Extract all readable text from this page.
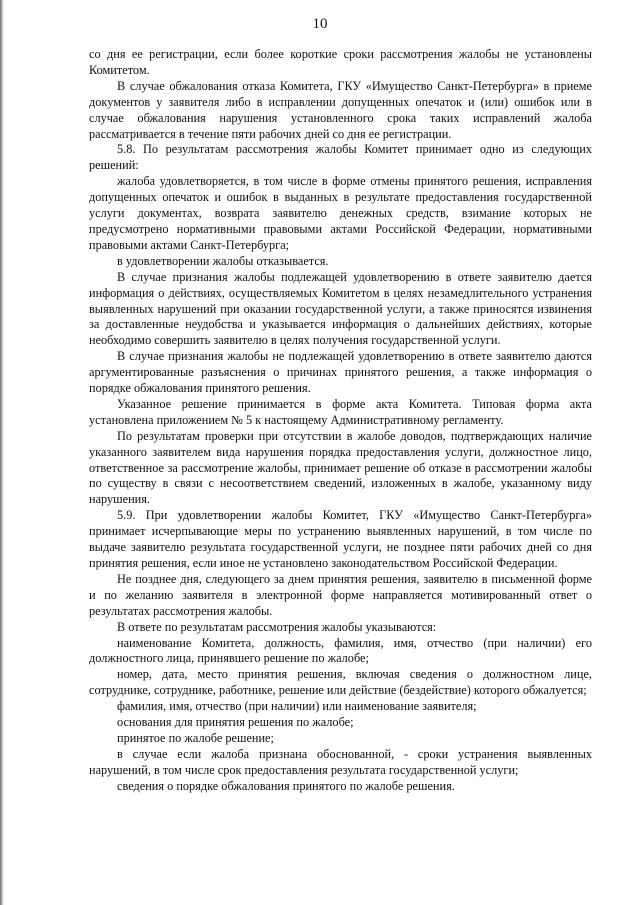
10

со дня ее регистрации, если более короткие сроки рассмотрения жалобы не установлены Комитетом.

В случае обжалования отказа Комитета, ГКУ «Имущество Санкт-Петербурга» в приеме документов у заявителя либо в исправлении допущенных опечаток и (или) ошибок или в случае обжалования нарушения установленного срока таких исправлений жалоба рассматривается в течение пяти рабочих дней со дня ее регистрации.

5.8. По результатам рассмотрения жалобы Комитет принимает одно из следующих решений:

жалоба удовлетворяется, в том числе в форме отмены принятого решения, исправления допущенных опечаток и ошибок в выданных в результате предоставления государственной услуги документах, возврата заявителю денежных средств, взимание которых не предусмотрено нормативными правовыми актами Российской Федерации, нормативными правовыми актами Санкт-Петербурга;

в удовлетворении жалобы отказывается.

В случае признания жалобы подлежащей удовлетворению в ответе заявителю дается информация о действиях, осуществляемых Комитетом в целях незамедлительного устранения выявленных нарушений при оказании государственной услуги, а также приносятся извинения за доставленные неудобства и указывается информация о дальнейших действиях, которые необходимо совершить заявителю в целях получения государственной услуги.

В случае признания жалобы не подлежащей удовлетворению в ответе заявителю даются аргументированные разъяснения о причинах принятого решения, а также информация о порядке обжалования принятого решения.

Указанное решение принимается в форме акта Комитета. Типовая форма акта установлена приложением № 5 к настоящему Административному регламенту.

По результатам проверки при отсутствии в жалобе доводов, подтверждающих наличие указанного заявителем вида нарушения порядка предоставления услуги, должностное лицо, ответственное за рассмотрение жалобы, принимает решение об отказе в рассмотрении жалобы по существу в связи с несоответствием сведений, изложенных в жалобе, указанному виду нарушения.

5.9. При удовлетворении жалобы Комитет, ГКУ «Имущество Санкт-Петербурга» принимает исчерпывающие меры по устранению выявленных нарушений, в том числе по выдаче заявителю результата государственной услуги, не позднее пяти рабочих дней со дня принятия решения, если иное не установлено законодательством Российской Федерации.

Не позднее дня, следующего за днем принятия решения, заявителю в письменной форме и по желанию заявителя в электронной форме направляется мотивированный ответ о результатах рассмотрения жалобы.

В ответе по результатам рассмотрения жалобы указываются:

наименование Комитета, должность, фамилия, имя, отчество (при наличии) его должностного лица, принявшего решение по жалобе;

номер, дата, место принятия решения, включая сведения о должностном лице, сотруднике, сотруднике, работнике, решение или действие (бездействие) которого обжалуется;

фамилия, имя, отчество (при наличии) или наименование заявителя;

основания для принятия решения по жалобе;

принятое по жалобе решение;

в случае если жалоба признана обоснованной, - сроки устранения выявленных нарушений, в том числе срок предоставления результата государственной услуги;

сведения о порядке обжалования принятого по жалобе решения.
